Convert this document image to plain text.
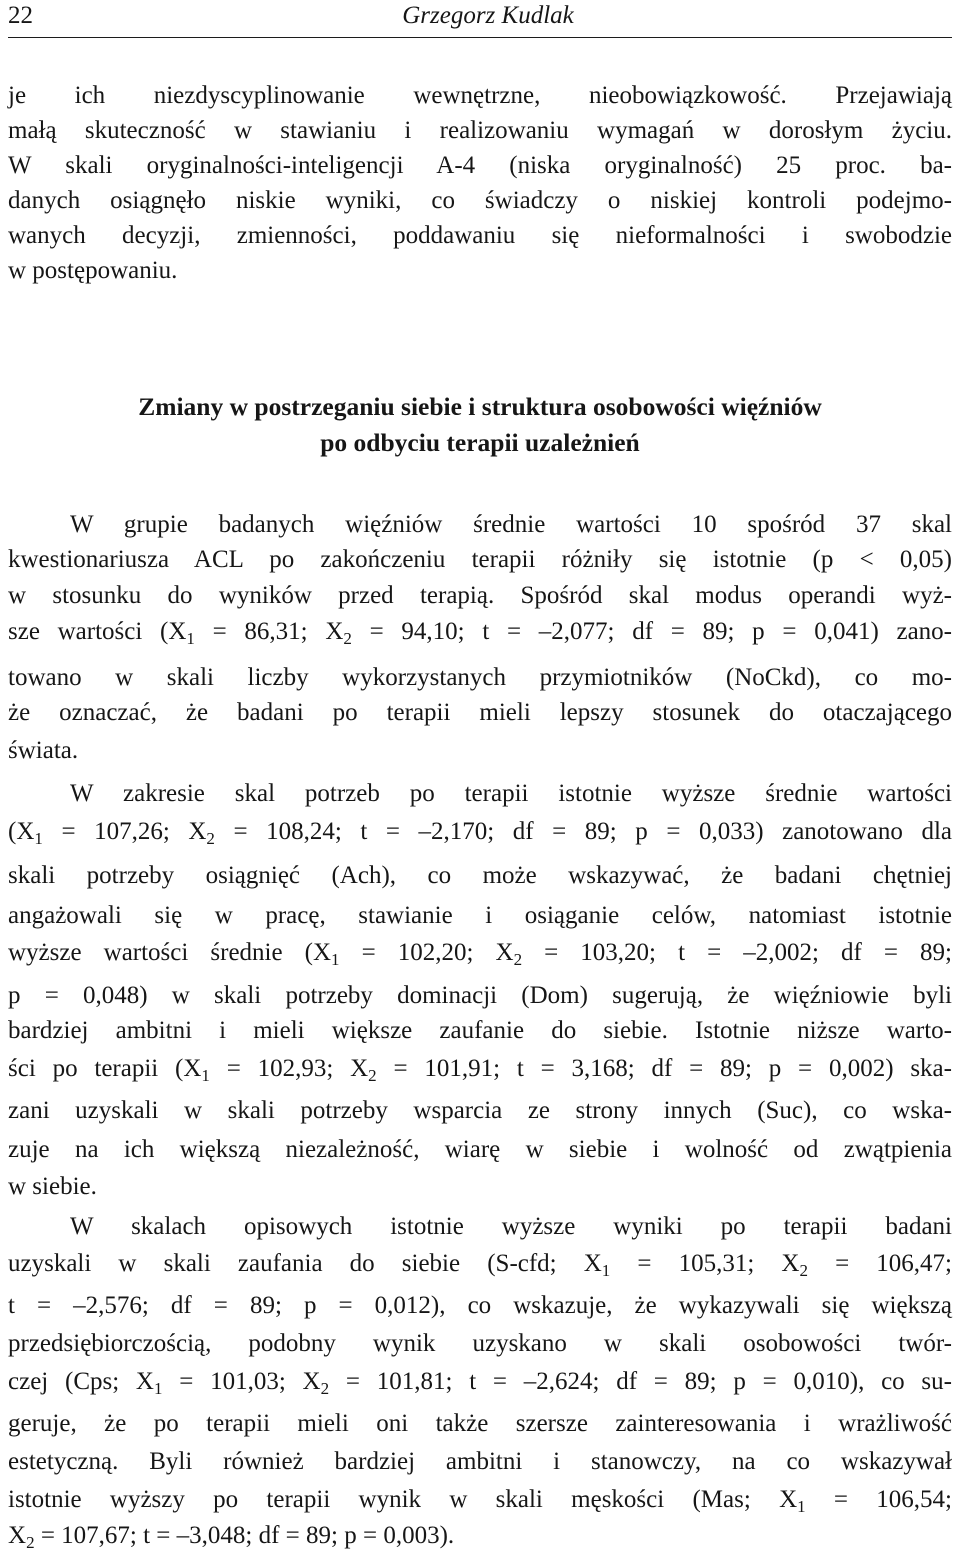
22	Grzegorz Kudlak

je ich niezdyscyplinowanie wewnętrzne, nieobowiązkowość. Przejawiają

małą skuteczność w stawianiu i realizowaniu wymagań w dorosłym życiu.

W skali oryginalności-inteligencji A-4 (niska oryginalność) 25 proc. ba-

danych osiągnęło niskie wyniki, co świadczy o niskiej kontroli podejmo-

wanych decyzji, zmienności, poddawaniu się nieformalności i swobodzie

w postępowaniu.

Zmiany w postrzeganiu siebie i struktura osobowości więźniów

po odbyciu terapii uzależnień

W grupie badanych więźniów średnie wartości 10 spośród 37 skal

kwestionariusza ACL po zakończeniu terapii różniły się istotnie (p < 0,05)

w stosunku do wyników przed terapią. Spośród skal modus operandi wyż-

sze wartości ($X_1 = 86,31$; $X_2 = 94,10$; t = –2,077; df = 89; p = 0,041) zano-

towano w skali liczby wykorzystanych przymiotników (NoCkd), co mo-

że oznaczać, że badani po terapii mieli lepszy stosunek do otaczającego

świata.

W zakresie skal potrzeb po terapii istotnie wyższe średnie wartości

($X_1 = 107,26$; $X_2 = 108,24$; t = –2,170; df = 89; p = 0,033) zanotowano dla

skali potrzeby osiągnięć (Ach), co może wskazywać, że badani chętniej

angażowali się w pracę, stawianie i osiąganie celów, natomiast istotnie

wyższe wartości średnie ($X_1 = 102,20$; $X_2 = 103,20$; t = –2,002; df = 89;

p = 0,048) w skali potrzeby dominacji (Dom) sugerują, że więźniowie byli

bardziej ambitni i mieli większe zaufanie do siebie. Istotnie niższe warto-

ści po terapii ($X_1 = 102,93$; $X_2 = 101,91$; t = 3,168; df = 89; p = 0,002) ska-

zani uzyskali w skali potrzeby wsparcia ze strony innych (Suc), co wska-

zuje na ich większą niezależność, wiarę w siebie i wolność od zwątpienia

w siebie.

W skalach opisowych istotnie wyższe wyniki po terapii badani

uzyskali w skali zaufania do siebie (S-cfd; $X_1 = 105,31$; $X_2 = 106,47$;

t = –2,576; df = 89; p = 0,012), co wskazuje, że wykazywali się większą

przedsiębiorczością, podobny wynik uzyskano w skali osobowości twór-

czej (Cps; $X_1 = 101,03$; $X_2 = 101,81$; t = –2,624; df = 89; p = 0,010), co su-

geruje, że po terapii mieli oni także szersze zainteresowania i wrażliwość

estetyczną. Byli również bardziej ambitni i stanowczy, na co wskazywał

istotnie wyższy po terapii wynik w skali męskości (Mas; $X_1 = 106,54$;

$X_2 = 107,67$; t = –3,048; df = 89; p = 0,003).
